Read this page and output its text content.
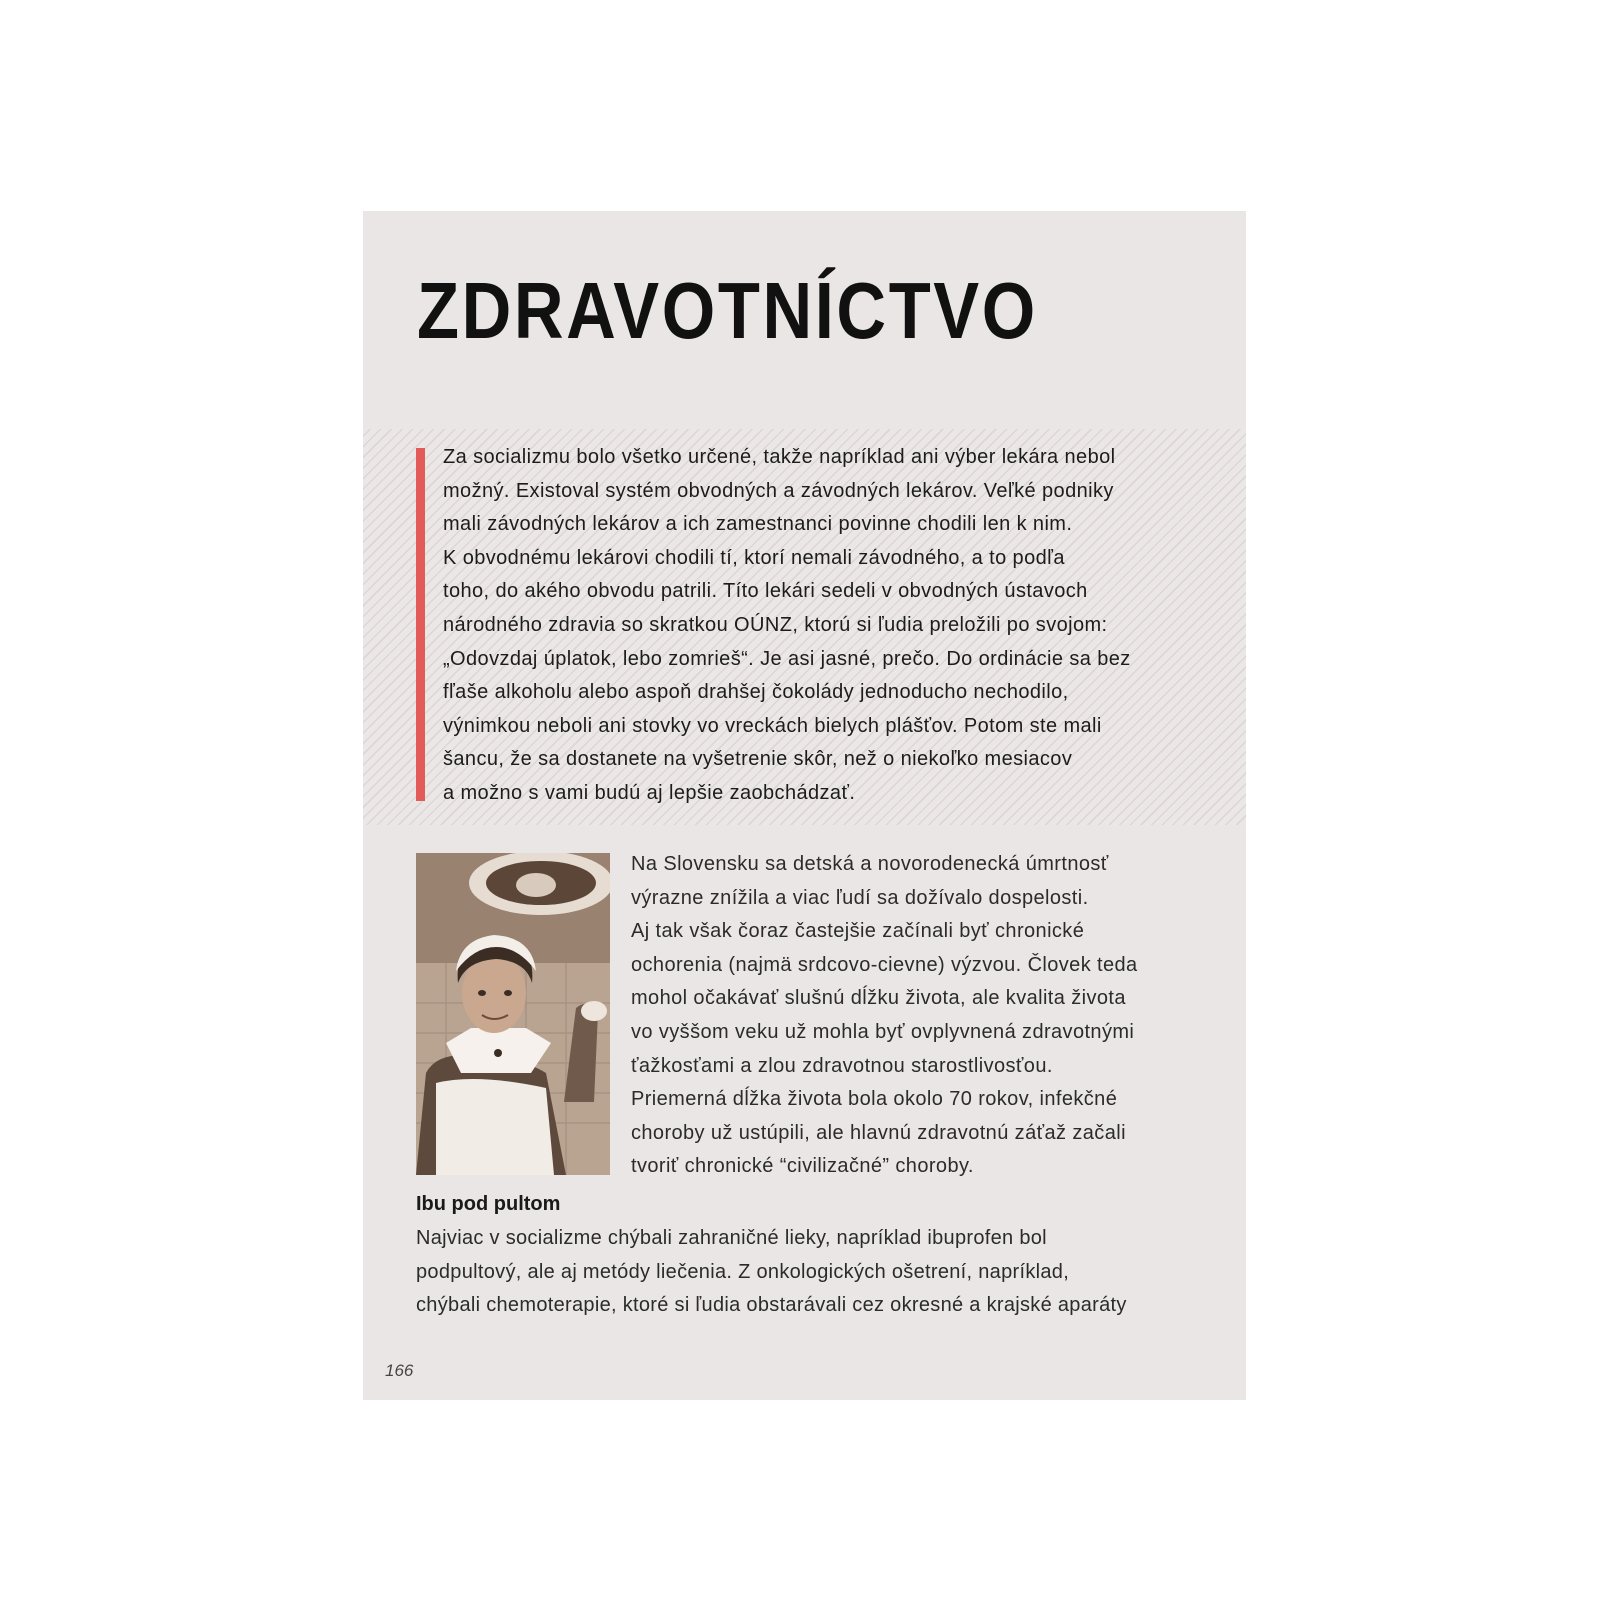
ZDRAVOTNÍCTVO

Za socializmu bolo všetko určené, takže napríklad ani výber lekára nebol
možný. Existoval systém obvodných a závodných lekárov. Veľké podniky
mali závodných lekárov a ich zamestnanci povinne chodili len k nim.
K obvodnému lekárovi chodili tí, ktorí nemali závodného, a to podľa
toho, do akého obvodu patrili. Títo lekári sedeli v obvodných ústavoch
národného zdravia so skratkou OÚNZ, ktorú si ľudia preložili po svojom:
„Odovzdaj úplatok, lebo zomrieš“. Je asi jasné, prečo. Do ordinácie sa bez
fľaše alkoholu alebo aspoň drahšej čokolády jednoducho nechodilo,
výnimkou neboli ani stovky vo vreckách bielych plášťov. Potom ste mali
šancu, že sa dostanete na vyšetrenie skôr, než o niekoľko mesiacov
a možno s vami budú aj lepšie zaobchádzať.

Na Slovensku sa detská a novorodenecká úmrtnosť
výrazne znížila a viac ľudí sa dožívalo dospelosti.
Aj tak však čoraz častejšie začínali byť chronické
ochorenia (najmä srdcovo-cievne) výzvou. Človek teda
mohol očakávať slušnú dĺžku života, ale kvalita života
vo vyššom veku už mohla byť ovplyvnená zdravotnými
ťažkosťami a zlou zdravotnou starostlivosťou.
Priemerná dĺžka života bola okolo 70 rokov, infekčné
choroby už ustúpili, ale hlavnú zdravotnú záťaž začali
tvoriť chronické “civilizačné” choroby.

Ibu pod pultom

Najviac v socializme chýbali zahraničné lieky, napríklad ibuprofen bol
podpultový, ale aj metódy liečenia. Z onkologických ošetrení, napríklad,
chýbali chemoterapie, ktoré si ľudia obstarávali cez okresné a krajské aparáty

166
